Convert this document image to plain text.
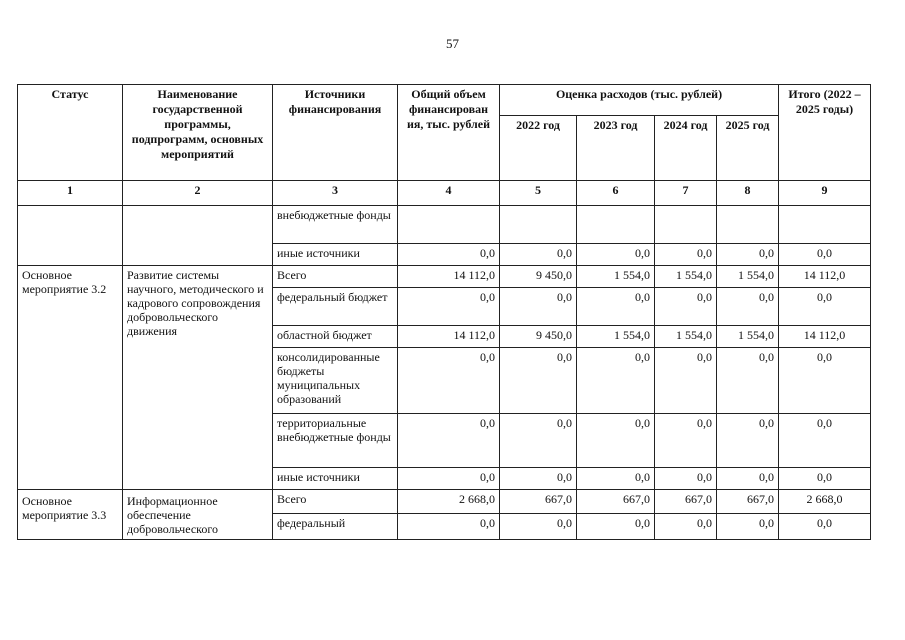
57
Статус	Наименование государственной программы, подпрограмм, основных мероприятий	Источники финансирования	Общий объем финансирован ия, тыс. рублей	Оценка расходов (тыс. рублей)				Итого (2022 – 2025 годы)
				2022 год	2023 год	2024 год	2025 год	
1	2	3	4	5	6	7	8	9
		внебюджетные фонды						
		иные источники	0,0	0,0	0,0	0,0	0,0	0,0
Основное мероприятие 3.2	Развитие системы научного, методического и кадрового сопровождения добровольческого движения	Всего	14 112,0	9 450,0	1 554,0	1 554,0	1 554,0	14 112,0
		федеральный бюджет	0,0	0,0	0,0	0,0	0,0	0,0
		областной бюджет	14 112,0	9 450,0	1 554,0	1 554,0	1 554,0	14 112,0
		консолидированные бюджеты муниципальных образований	0,0	0,0	0,0	0,0	0,0	0,0
		территориальные внебюджетные фонды	0,0	0,0	0,0	0,0	0,0	0,0
		иные источники	0,0	0,0	0,0	0,0	0,0	0,0
Основное мероприятие 3.3	Информационное обеспечение добровольческого	Всего	2 668,0	667,0	667,0	667,0	667,0	2 668,0
		федеральный	0,0	0,0	0,0	0,0	0,0	0,0
